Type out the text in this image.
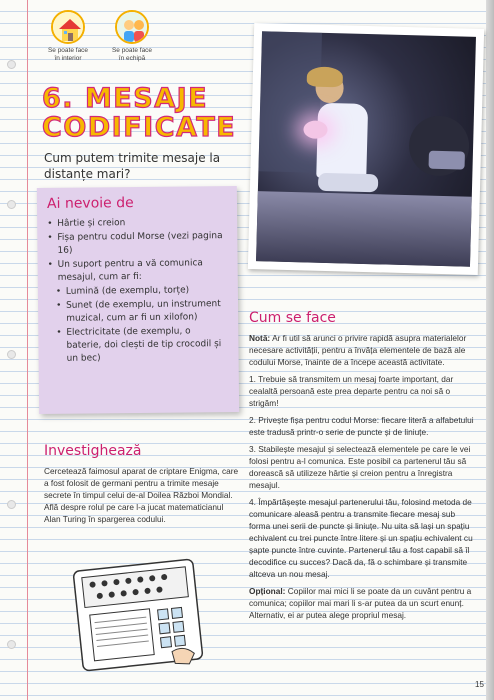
Se poate face
în interior
Se poate face
în echipă
6. MESAJE
CODIFICATE
Cum putem trimite mesaje la distanțe mari?
Ai nevoie de
• Hârtie și creion
• Fișa pentru codul Morse (vezi pagina 16)
• Un suport pentru a vă comunica mesajul, cum ar fi:
• Lumină (de exemplu, torțe)
• Sunet (de exemplu, un instrument muzical, cum ar fi un xilofon)
• Electricitate (de exemplu, o baterie, doi clești de tip crocodil și un bec)
Cum se face

Notă: Ar fi util să arunci o privire rapidă asupra materialelor necesare activității, pentru a învăța elementele de bază ale codului Morse, înainte de a începe această activitate.

1. Trebuie să transmitem un mesaj foarte important, dar cealaltă persoană este prea departe pentru ca noi să o strigăm!

2. Privește fișa pentru codul Morse: fiecare literă a alfabetului este tradusă printr-o serie de puncte și de liniuțe.

3. Stabilește mesajul și selectează elementele pe care le vei folosi pentru a-l comunica. Este posibil ca partenerul tău să dorească să utilizeze hârtie și creion pentru a înregistra mesajul.

4. Împărtășește mesajul partenerului tău, folosind metoda de comunicare aleasă pentru a transmite fiecare mesaj sub forma unei serii de puncte și liniuțe. Nu uita să lași un spațiu echivalent cu trei puncte între litere și un spațiu echivalent cu șapte puncte între cuvinte. Partenerul tău a fost capabil să îl decodifice cu succes? Dacă da, fă o schimbare și transmite altceva un nou mesaj.

Opțional: Copiilor mai mici li se poate da un cuvânt pentru a comunica; copiilor mai mari li s-ar putea da un scurt enunț. Alternativ, ei ar putea alege propriul mesaj.

Investighează
Cercetează faimosul aparat de criptare Enigma, care a fost folosit de germani pentru a trimite mesaje secrete în timpul celui de-al Doilea Război Mondial. Află despre rolul pe care l-a jucat matematicianul Alan Turing în spargerea codului.
15
